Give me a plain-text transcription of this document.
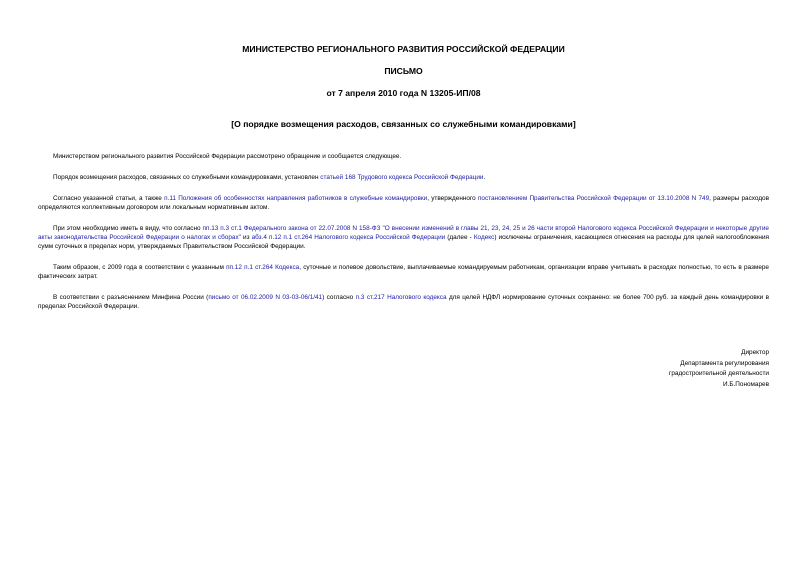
МИНИСТЕРСТВО РЕГИОНАЛЬНОГО РАЗВИТИЯ РОССИЙСКОЙ ФЕДЕРАЦИИ
ПИСЬМО
от 7 апреля 2010 года N 13205-ИП/08
[О порядке возмещения расходов, связанных со служебными командировками]

Министерством регионального развития Российской Федерации рассмотрено обращение и сообщается следующее.

Порядок возмещения расходов, связанных со служебными командировками, установлен статьей 168 Трудового кодекса Российской Федерации.

Согласно указанной статьи, а также п.11 Положения об особенностях направления работников в служебные командировки, утвержденного постановлением Правительства Российской Федерации от 13.10.2008 N 749, размеры расходов определяются коллективным договором или локальным нормативным актом.

При этом необходимо иметь в виду, что согласно пп.13 п.3 ст.1 Федерального закона от 22.07.2008 N 158-ФЗ "О внесении изменений в главы 21, 23, 24, 25 и 26 части второй Налогового кодекса Российской Федерации и некоторые другие акты законодательства Российской Федерации о налогах и сборах" из абз.4 п.12 п.1 ст.264 Налогового кодекса Российской Федерации (далее - Кодекс) исключены ограничения, касающиеся отнесения на расходы для целей налогообложения сумм суточных в пределах норм, утверждаемых Правительством Российской Федерации.

Таким образом, с 2009 года в соответствии с указанным пп.12 п.1 ст.264 Кодекса, суточные и полевое довольствие, выплачиваемые командируемым работникам, организации вправе учитывать в расходах полностью, то есть в размере фактических затрат.

В соответствии с разъяснением Минфина России (письмо от 06.02.2009 N 03-03-06/1/41) согласно п.3 ст.217 Налогового кодекса для целей НДФЛ нормирование суточных сохранено: не более 700 руб. за каждый день командировки в пределах Российской Федерации.

Директор
Департамента регулирования
градостроительной деятельности
И.Б.Пономарев
